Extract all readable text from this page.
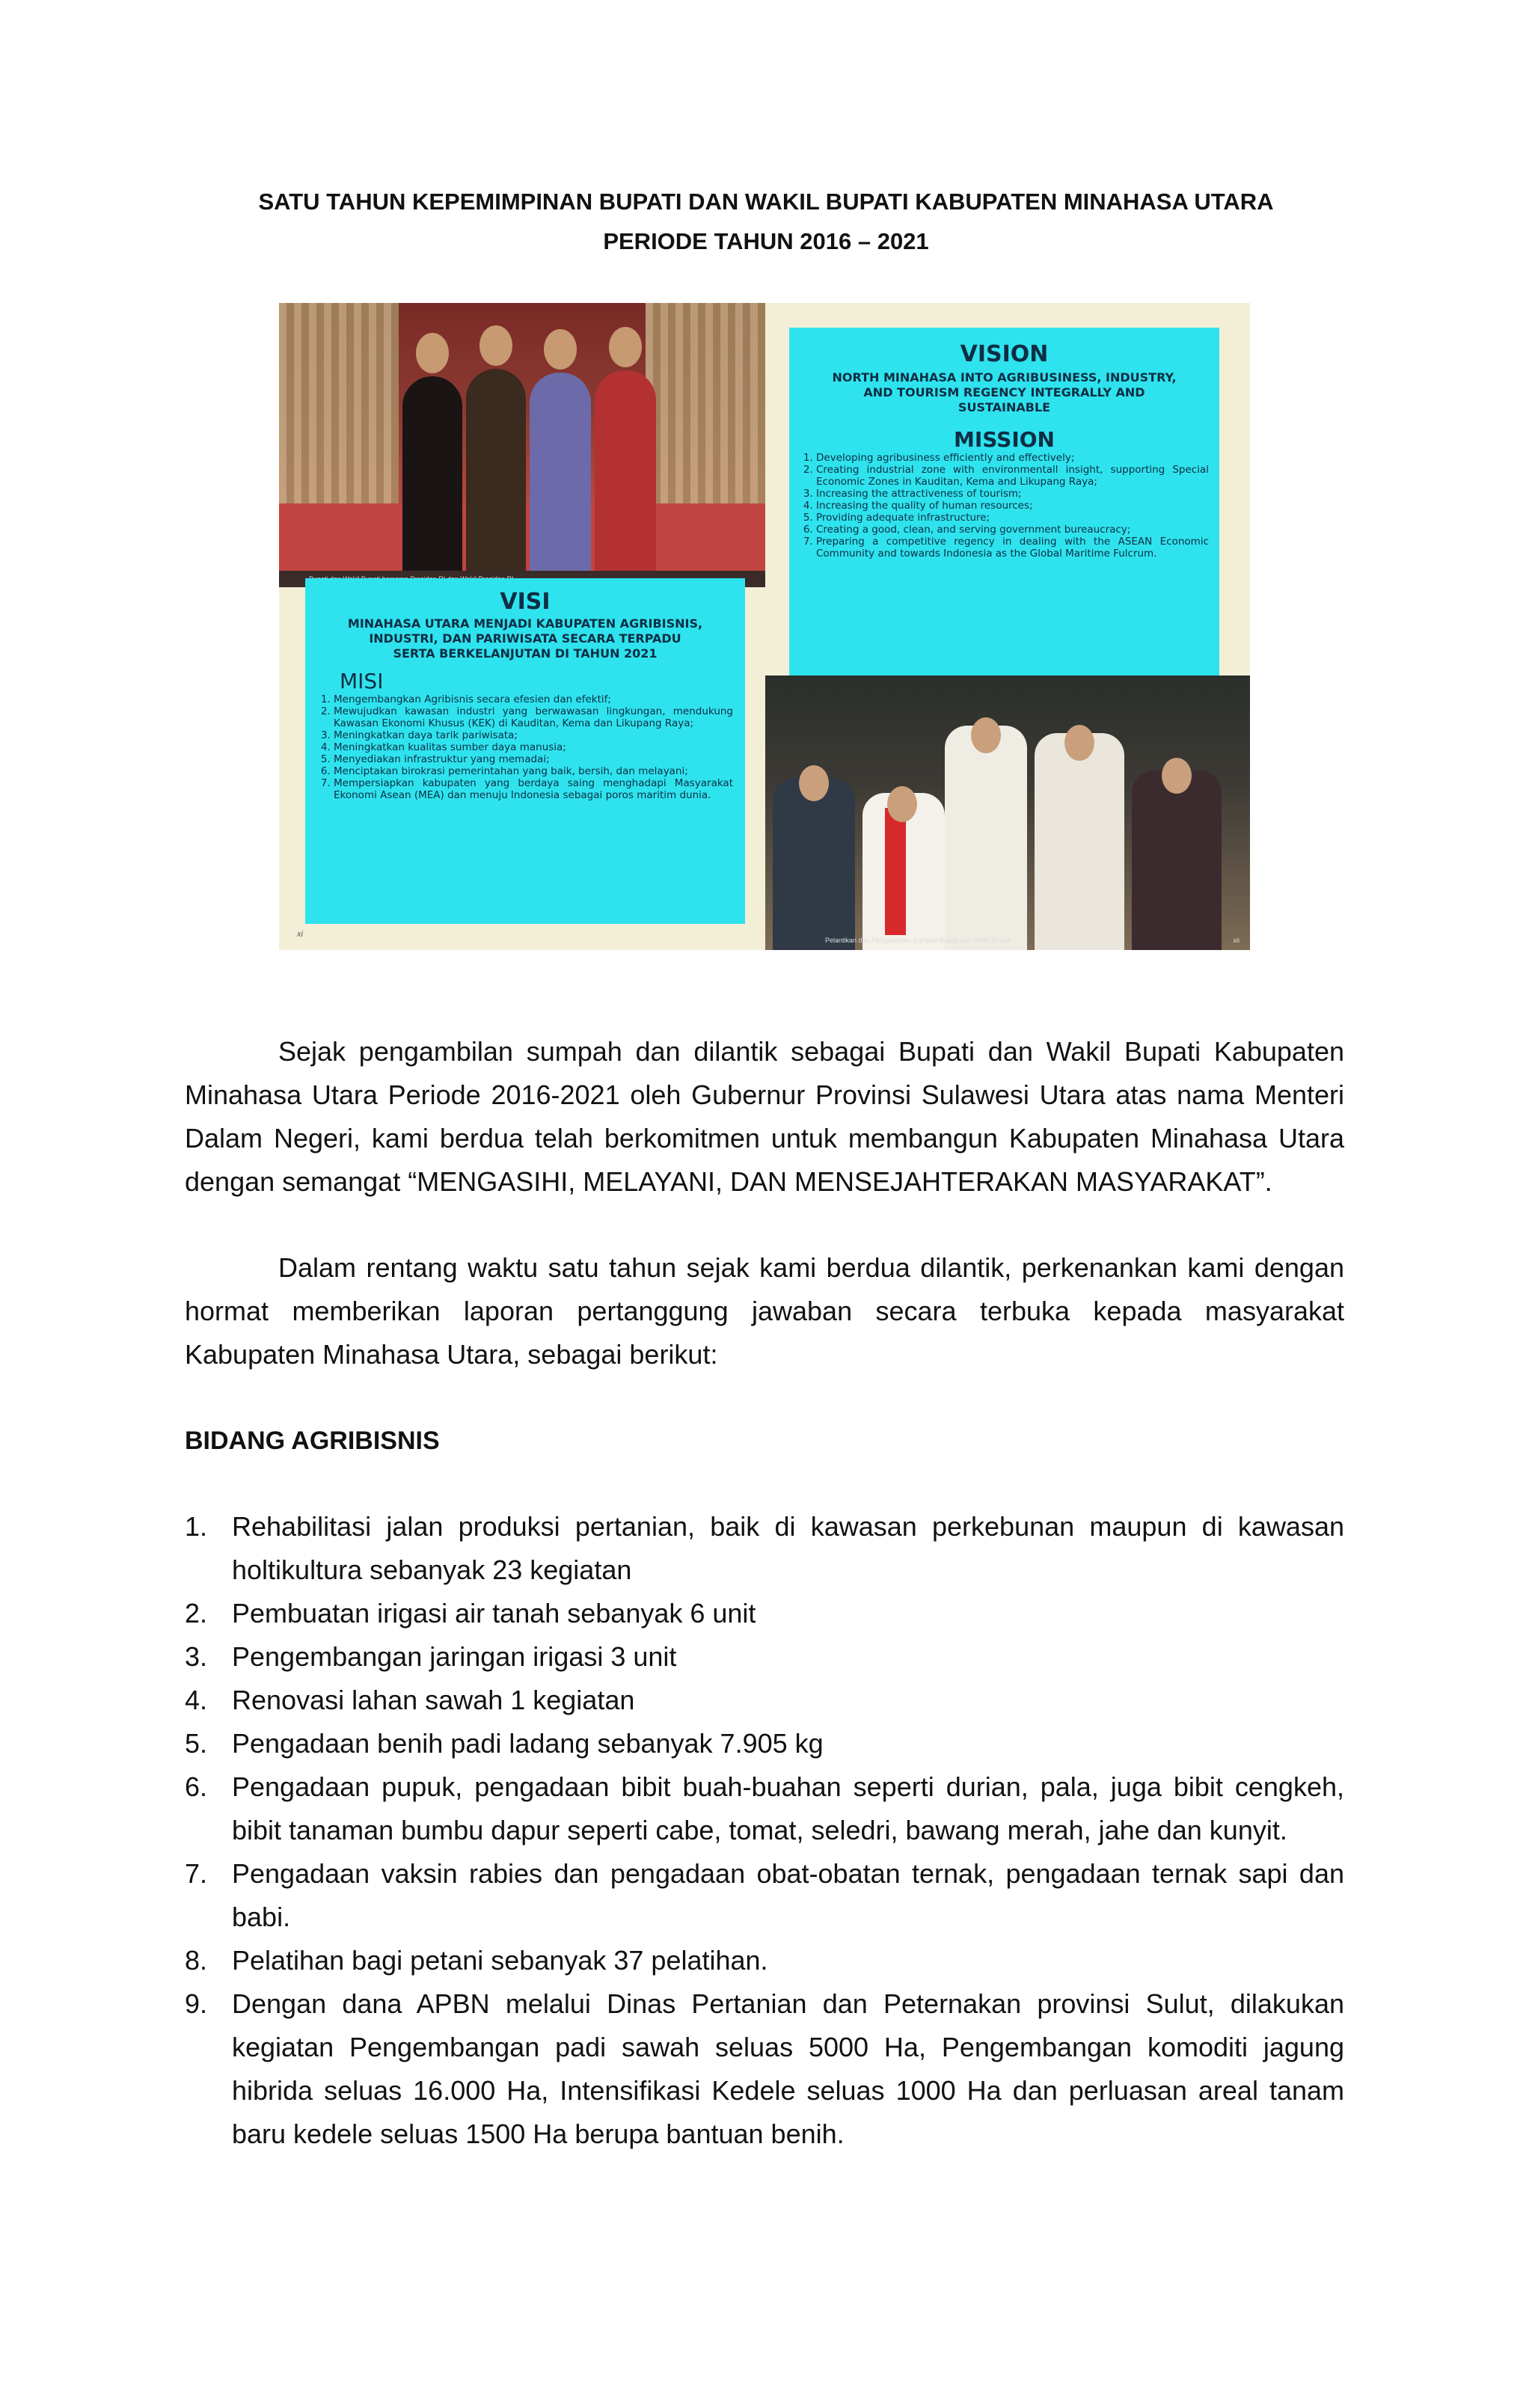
SATU TAHUN KEPEMIMPINAN BUPATI DAN WAKIL BUPATI KABUPATEN MINAHASA UTARA
PERIODE TAHUN 2016 – 2021
VISION
NORTH MINAHASA INTO AGRIBUSINESS, INDUSTRY, AND TOURISM REGENCY INTEGRALLY AND SUSTAINABLE
MISSION
1. Developing agribusiness efficiently and effectively;
2. Creating industrial zone with environmentall insight, supporting Special Economic Zones in Kauditan, Kema and Likupang Raya;
3. Increasing the attractiveness of tourism;
4. Increasing the quality of human resources;
5. Providing adequate infrastructure;
6. Creating a good, clean, and serving government bureaucracy;
7. Preparing a competitive regency in dealing with the ASEAN Economic Community and towards Indonesia as the Global Maritime Fulcrum.
VISI
MINAHASA UTARA MENJADI KABUPATEN AGRIBISNIS, INDUSTRI, DAN PARIWISATA SECARA TERPADU SERTA BERKELANJUTAN DI TAHUN 2021
MISI
1. Mengembangkan Agribisnis secara efesien dan efektif;
2. Mewujudkan kawasan industri yang berwawasan lingkungan, mendukung Kawasan Ekonomi Khusus (KEK) di Kauditan, Kema dan Likupang Raya;
3. Meningkatkan daya tarik pariwisata;
4. Meningkatkan kualitas sumber daya manusia;
5. Menyediakan infrastruktur yang memadai;
6. Menciptakan birokrasi pemerintahan yang baik, bersih, dan melayani;
7. Mempersiapkan kabupaten yang berdaya saing menghadapi Masyarakat Ekonomi Asean (MEA) dan menuju Indonesia sebagai poros maritim dunia.
xi
Pelantikan dan Pengambilan Sumpah Bupati dan Wakil Bupati	xii

Sejak pengambilan sumpah dan dilantik sebagai Bupati dan Wakil Bupati Kabupaten Minahasa Utara Periode 2016-2021 oleh Gubernur Provinsi Sulawesi Utara atas nama Menteri Dalam Negeri, kami berdua telah berkomitmen untuk membangun Kabupaten Minahasa Utara dengan semangat “MENGASIHI, MELAYANI, DAN MENSEJAHTERAKAN MASYARAKAT”.

Dalam rentang waktu satu tahun sejak kami berdua dilantik, perkenankan kami dengan hormat memberikan laporan pertanggung jawaban secara terbuka kepada masyarakat Kabupaten Minahasa Utara, sebagai berikut:

BIDANG AGRIBISNIS
1. Rehabilitasi jalan produksi pertanian, baik di kawasan perkebunan maupun di kawasan holtikultura sebanyak 23 kegiatan
2. Pembuatan irigasi air tanah sebanyak 6 unit
3. Pengembangan jaringan irigasi 3 unit
4. Renovasi lahan sawah 1 kegiatan
5. Pengadaan benih padi ladang sebanyak 7.905 kg
6. Pengadaan pupuk, pengadaan bibit buah-buahan seperti durian, pala, juga bibit cengkeh, bibit tanaman bumbu dapur seperti cabe, tomat, seledri, bawang merah, jahe dan kunyit.
7. Pengadaan vaksin rabies dan pengadaan obat-obatan ternak, pengadaan ternak sapi dan babi.
8. Pelatihan bagi petani sebanyak 37 pelatihan.
9. Dengan dana APBN melalui Dinas Pertanian dan Peternakan provinsi Sulut, dilakukan kegiatan Pengembangan padi sawah seluas 5000 Ha, Pengembangan komoditi jagung hibrida seluas 16.000 Ha, Intensifikasi Kedele seluas 1000 Ha dan perluasan areal tanam baru kedele seluas 1500 Ha berupa bantuan benih.
